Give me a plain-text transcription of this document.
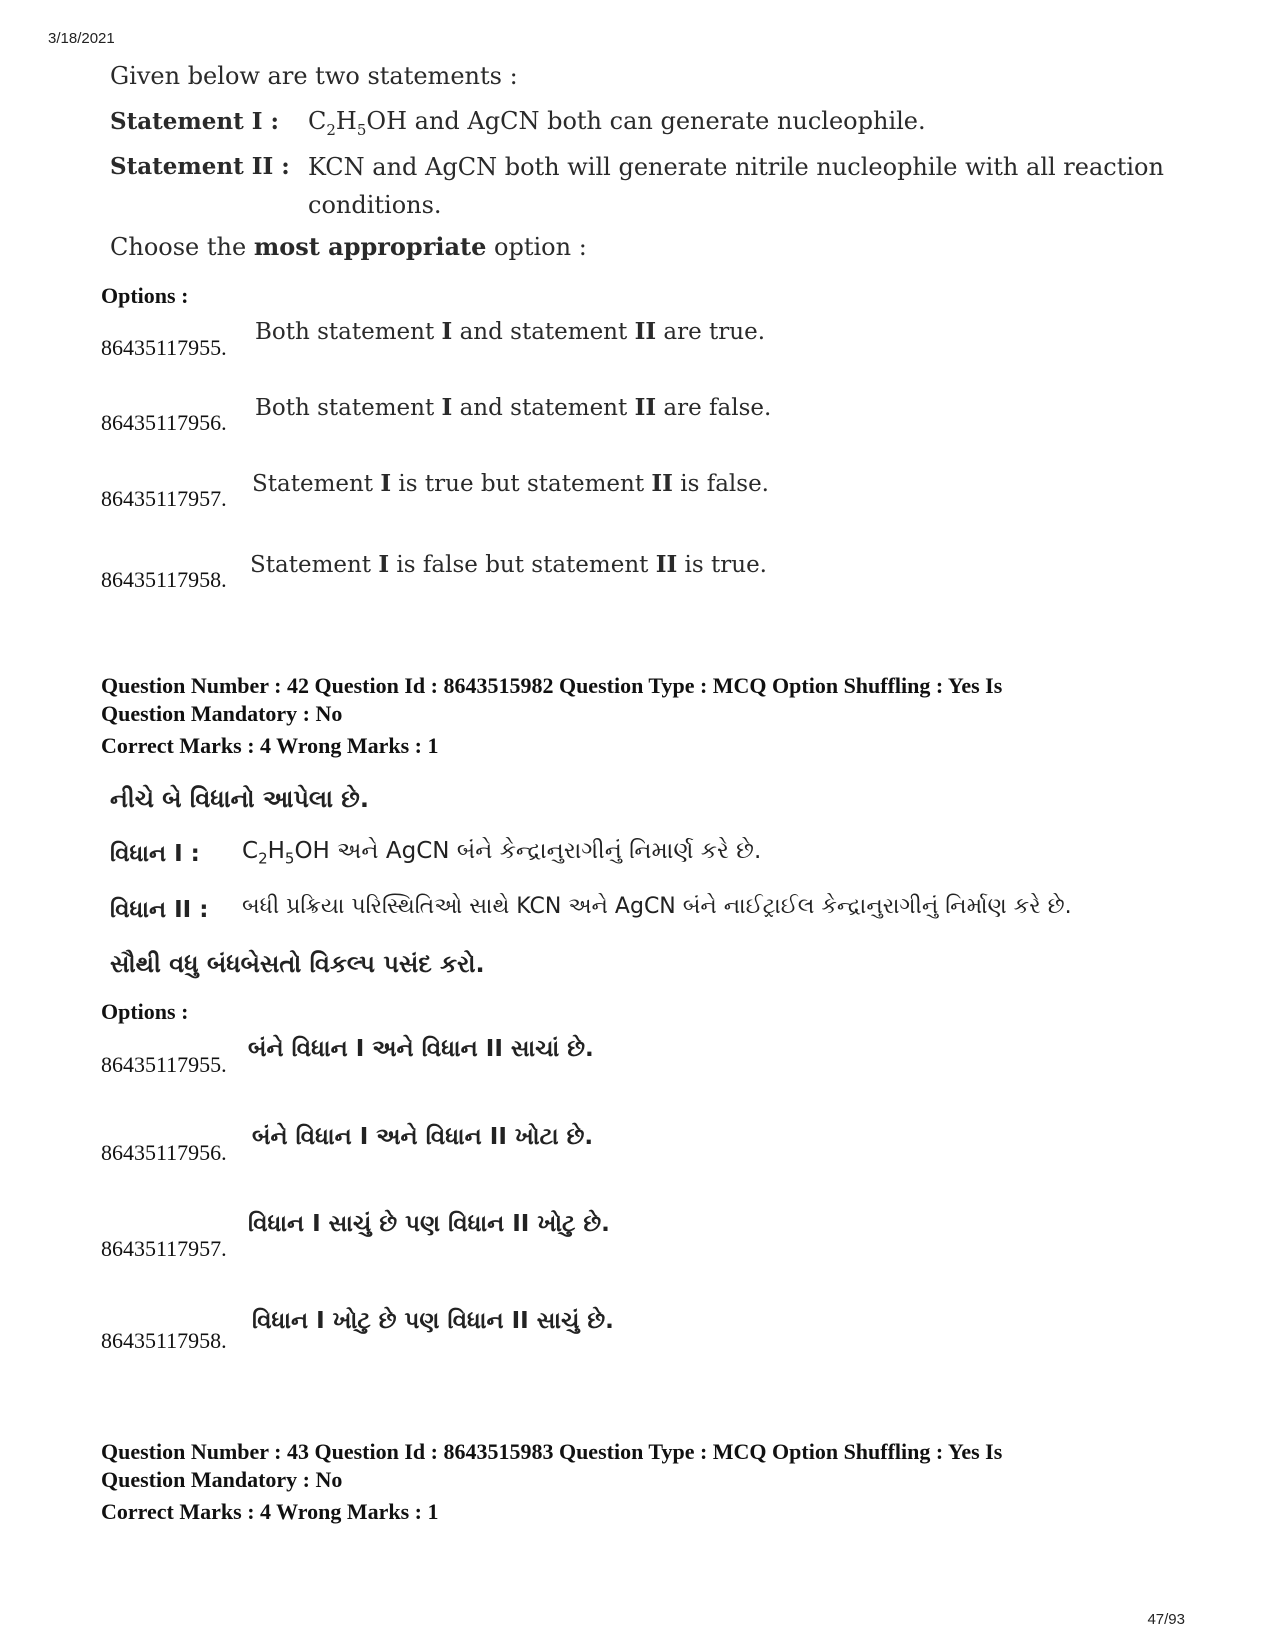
3/18/2021
47/93
Given below are two statements :
Statement I : $C_2H_5OH$ and AgCN both can generate nucleophile.
Statement II : KCN and AgCN both will generate nitrile nucleophile with all reaction
conditions.
Choose the most appropriate option :
Options :
86435117955.
Both statement I and statement II are true.
86435117956.
Both statement I and statement II are false.
86435117957.
Statement I is true but statement II is false.
86435117958.
Statement I is false but statement II is true.
Question Number : 42 Question Id : 8643515982 Question Type : MCQ Option Shuffling : Yes Is
Question Mandatory : No
Correct Marks : 4 Wrong Marks : 1
નીચે બે વિધાનો આપેલા છે.
વિધાન I : $C_2H_5OH$ અને AgCN બંને કેન્દ્રાનુરાગીનું નિમાર્ણ કરે છે.
વિધાન II : બધી પ્રક્રિયા પરિસ્થિતિઓ સાથે KCN અને AgCN બંને નાઈટ્રાઈલ કેન્દ્રાનુરાગીનું નિર્માણ કરે છે.
સૌથી વધુ બંધબેસતો વિકલ્પ પસંદ કરો.
Options :
86435117955.
બંને વિધાન I અને વિધાન II સાચાં છે.
86435117956.
બંને વિધાન I અને વિધાન II ખોટા છે.
86435117957.
વિધાન I સાચું છે પણ વિધાન II ખોટુ છે.
86435117958.
વિધાન I ખોટુ છે પણ વિધાન II સાચું છે.
Question Number : 43 Question Id : 8643515983 Question Type : MCQ Option Shuffling : Yes Is
Question Mandatory : No
Correct Marks : 4 Wrong Marks : 1
